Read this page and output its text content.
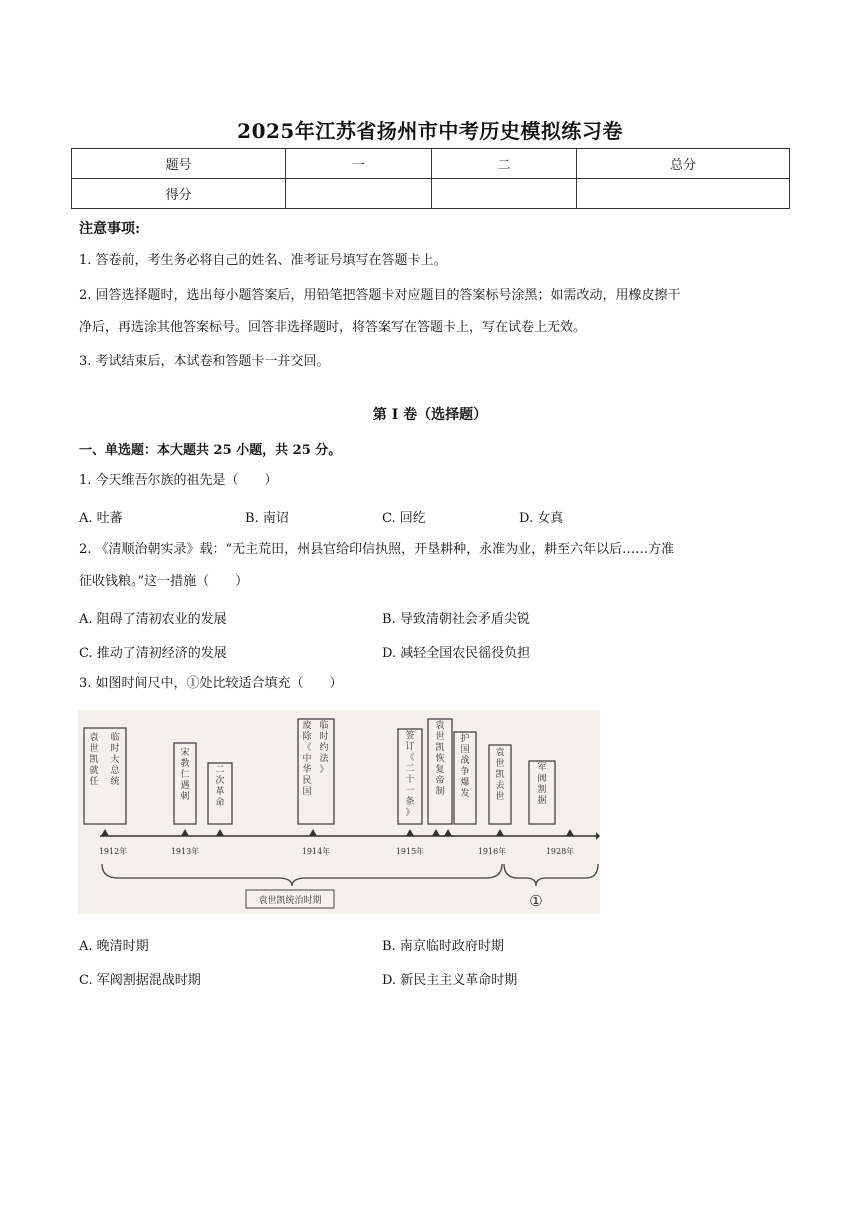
2025年江苏省扬州市中考历史模拟练习卷
题号	一	二	总分
得分			
注意事项:
1. 答卷前，考生务必将自己的姓名、准考证号填写在答题卡上。
2. 回答选择题时，选出每小题答案后，用铅笔把答题卡对应题目的答案标号涂黑；如需改动，用橡皮擦干
净后，再选涂其他答案标号。回答非选择题时，将答案写在答题卡上，写在试卷上无效。
3. 考试结束后，本试卷和答题卡一并交回。
第 I 卷（选择题）
一、单选题：本大题共 25 小题，共 25 分。
1. 今天维吾尔族的祖先是（　　）
A. 吐蕃	B. 南诏	C. 回纥	D. 女真
2. 《清顺治朝实录》载：“无主荒田，州县官给印信执照，开垦耕种，永准为业，耕至六年以后……方准
征收钱粮。”这一措施（　　）
A. 阻碍了清初农业的发展	B. 导致清朝社会矛盾尖锐
C. 推动了清初经济的发展	D. 减轻全国农民徭役负担
3. 如图时间尺中，①处比较适合填充（　　）
袁世凯就任
临时大总统
宋教仁遇刺
二次革命
废除《中华民国
临时约法》
签订《二十一条》
袁世凯恢复帝制
护国战争爆发
袁世凯去世
军阀割据
1912年	1913年	1914年	1915年	1916年	1928年
袁世凯统治时期	①
A. 晚清时期	B. 南京临时政府时期
C. 军阀割据混战时期	D. 新民主主义革命时期
